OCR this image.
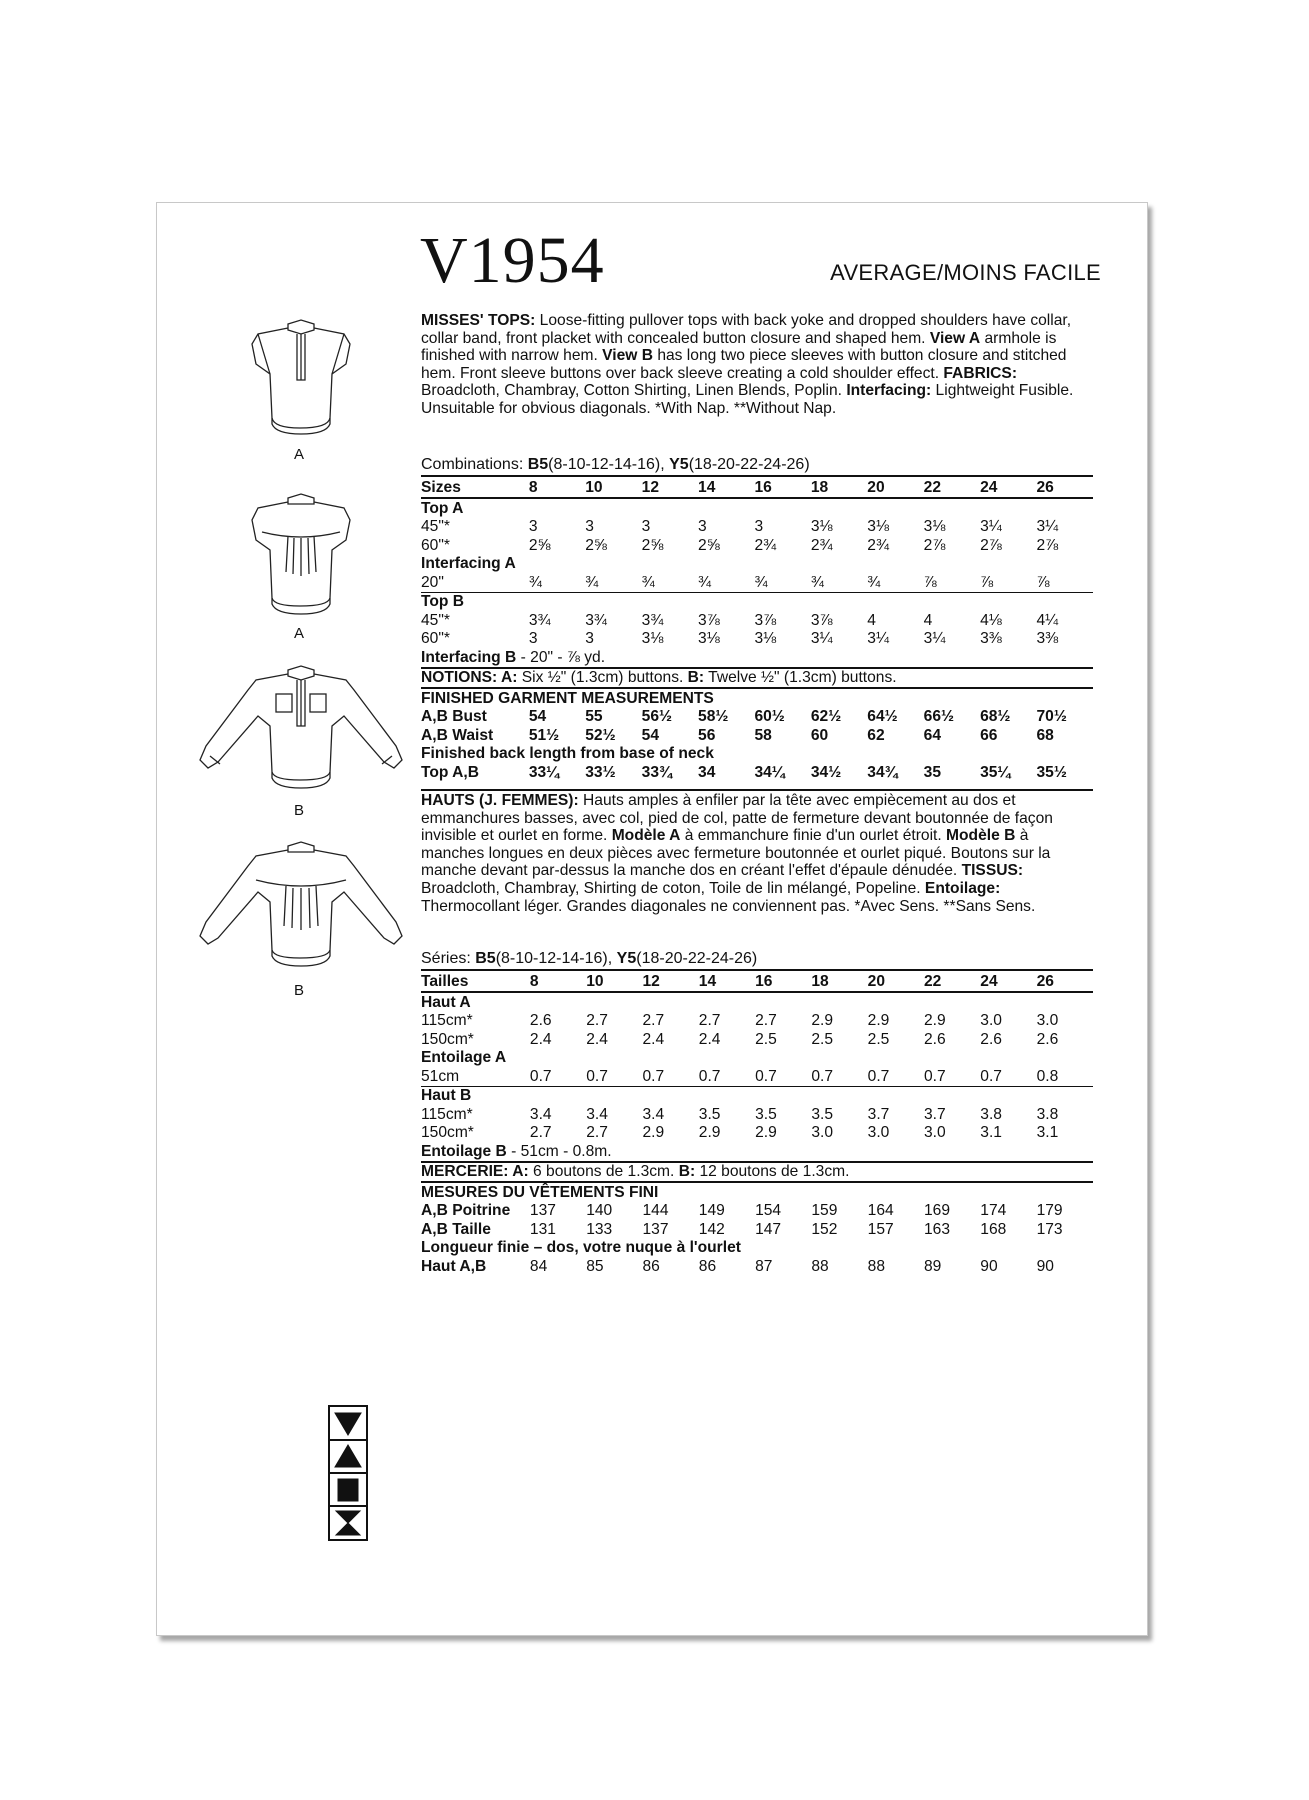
V1954	AVERAGE/MOINS FACILE
A
A
B
B

MISSES' TOPS: Loose-fitting pullover tops with back yoke and dropped shoulders have collar, collar band, front placket with concealed button closure and shaped hem. View A armhole is finished with narrow hem. View B has long two piece sleeves with button closure and stitched hem. Front sleeve buttons over back sleeve creating a cold shoulder effect. FABRICS: Broadcloth, Chambray, Cotton Shirting, Linen Blends, Poplin. Interfacing: Lightweight Fusible. Unsuitable for obvious diagonals. *With Nap. **Without Nap.

Combinations: B5(8-10-12-14-16), Y5(18-20-22-24-26)
Sizes	8	10	12	14	16	18	20	22	24	26
Top A										
45"*	3	3	3	3	3	3⅛	3⅛	3⅛	3¼	3¼
60"*	2⅝	2⅝	2⅝	2⅝	2¾	2¾	2¾	2⅞	2⅞	2⅞
Interfacing A										
20"	¾	¾	¾	¾	¾	¾	¾	⅞	⅞	⅞
Top B										
45"*	3¾	3¾	3¾	3⅞	3⅞	3⅞	4	4	4⅛	4¼
60"*	3	3	3⅛	3⅛	3⅛	3¼	3¼	3¼	3⅜	3⅜
Interfacing B - 20" - ⅞ yd.										
NOTIONS: A: Six ½" (1.3cm) buttons. B: Twelve ½" (1.3cm) buttons.										
FINISHED GARMENT MEASUREMENTS										
A,B Bust	54	55	56½	58½	60½	62½	64½	66½	68½	70½
A,B Waist	51½	52½	54	56	58	60	62	64	66	68
Finished back length from base of neck										
Top A,B	33¼	33½	33¾	34	34¼	34½	34¾	35	35¼	35½

HAUTS (J. FEMMES): Hauts amples à enfiler par la tête avec empiècement au dos et emmanchures basses, avec col, pied de col, patte de fermeture devant boutonnée de façon invisible et ourlet en forme. Modèle A à emmanchure finie d'un ourlet étroit. Modèle B à manches longues en deux pièces avec fermeture boutonnée et ourlet piqué. Boutons sur la manche devant par-dessus la manche dos en créant l'effet d'épaule dénudée. TISSUS: Broadcloth, Chambray, Shirting de coton, Toile de lin mélangé, Popeline. Entoilage: Thermocollant léger. Grandes diagonales ne conviennent pas. *Avec Sens. **Sans Sens.

Séries: B5(8-10-12-14-16), Y5(18-20-22-24-26)
Tailles	8	10	12	14	16	18	20	22	24	26
Haut A										
115cm*	2.6	2.7	2.7	2.7	2.7	2.9	2.9	2.9	3.0	3.0
150cm*	2.4	2.4	2.4	2.4	2.5	2.5	2.5	2.6	2.6	2.6
Entoilage A										
51cm	0.7	0.7	0.7	0.7	0.7	0.7	0.7	0.7	0.7	0.8
Haut B										
115cm*	3.4	3.4	3.4	3.5	3.5	3.5	3.7	3.7	3.8	3.8
150cm*	2.7	2.7	2.9	2.9	2.9	3.0	3.0	3.0	3.1	3.1
Entoilage B - 51cm - 0.8m.										
MERCERIE: A: 6 boutons de 1.3cm. B: 12 boutons de 1.3cm.										
MESURES DU VÊTEMENTS FINI										
A,B Poitrine	137	140	144	149	154	159	164	169	174	179
A,B Taille	131	133	137	142	147	152	157	163	168	173
Longueur finie – dos, votre nuque à l'ourlet										
Haut A,B	84	85	86	86	87	88	88	89	90	90
